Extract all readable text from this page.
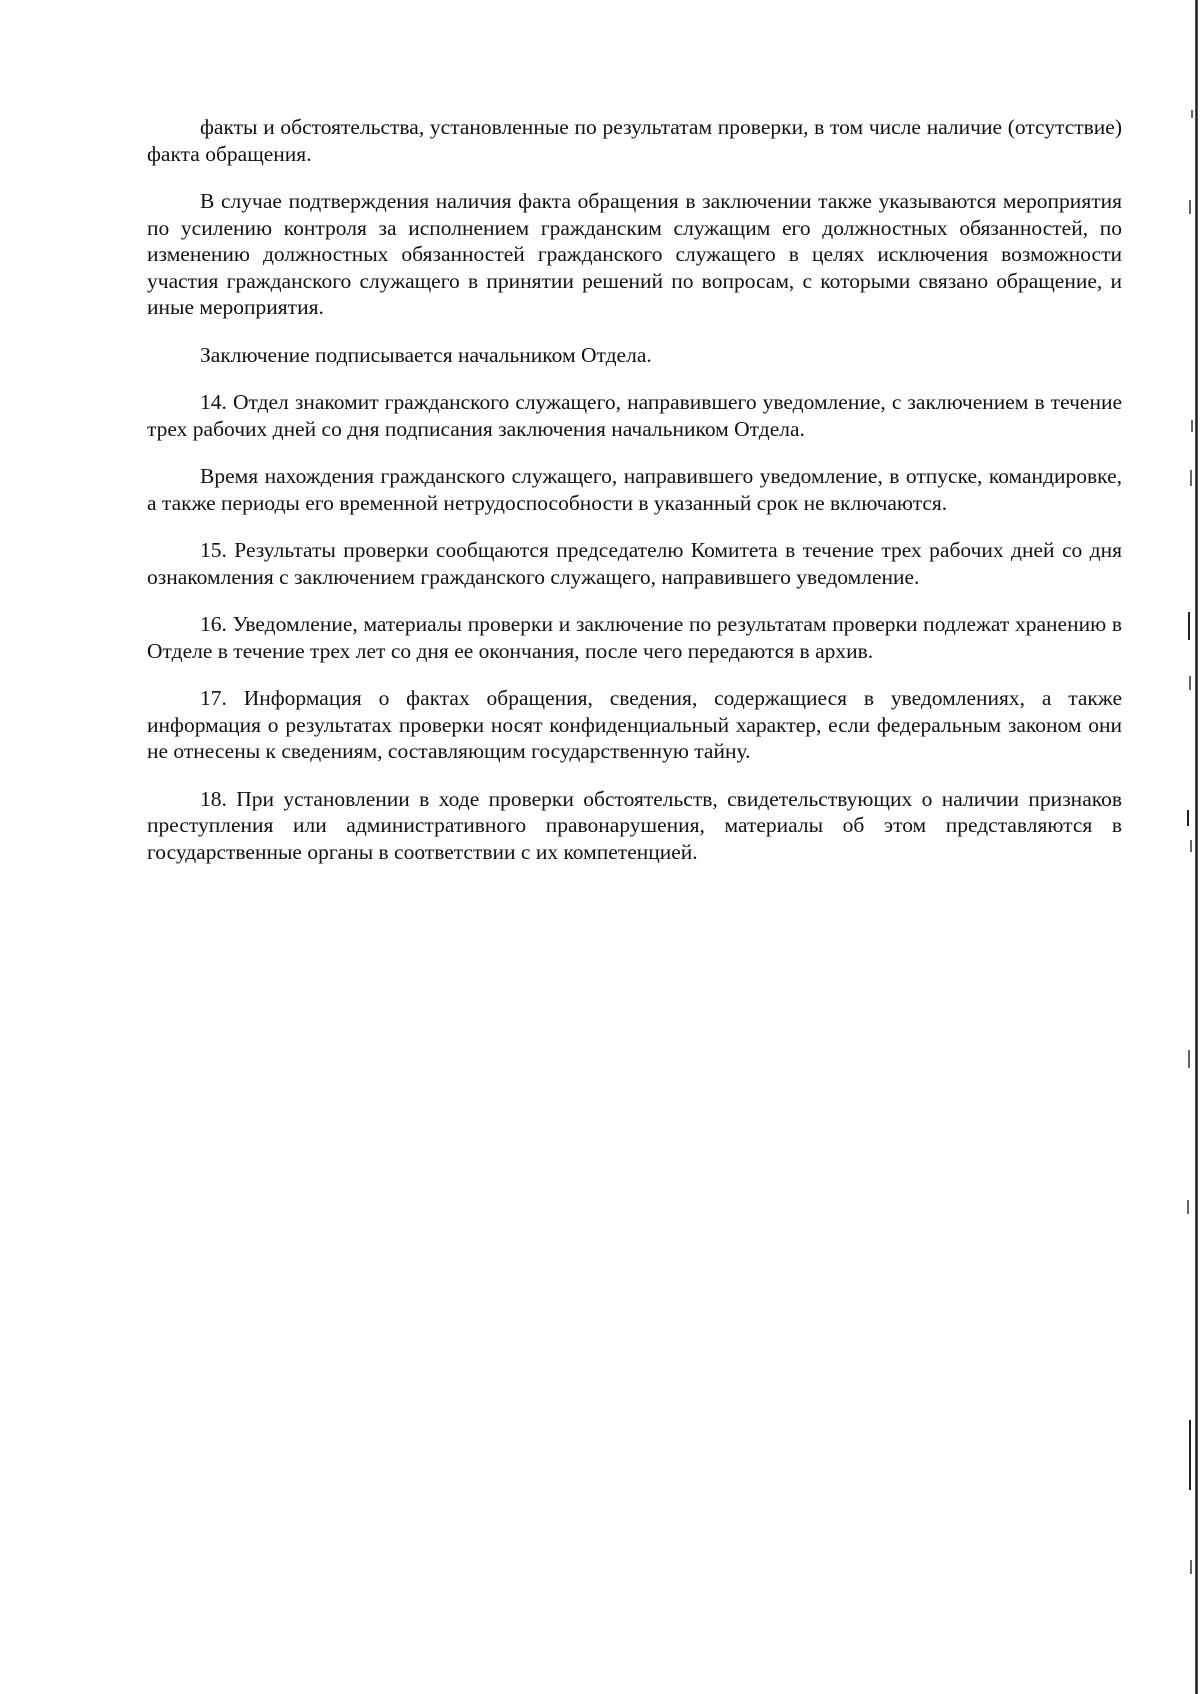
факты и обстоятельства, установленные по результатам проверки, в том числе наличие (отсутствие) факта обращения.

В случае подтверждения наличия факта обращения в заключении также указываются мероприятия по усилению контроля за исполнением гражданским служащим его должностных обязанностей, по изменению должностных обязанностей гражданского служащего в целях исключения возможности участия гражданского служащего в принятии решений по вопросам, с которыми связано обращение, и иные мероприятия.

Заключение подписывается начальником Отдела.

14. Отдел знакомит гражданского служащего, направившего уведомление, с заключением в течение трех рабочих дней со дня подписания заключения начальником Отдела.

Время нахождения гражданского служащего, направившего уведомление, в отпуске, командировке, а также периоды его временной нетрудоспособности в указанный срок не включаются.

15. Результаты проверки сообщаются председателю Комитета в течение трех рабочих дней со дня ознакомления с заключением гражданского служащего, направившего уведомление.

16. Уведомление, материалы проверки и заключение по результатам проверки подлежат хранению в Отделе в течение трех лет со дня ее окончания, после чего передаются в архив.

17. Информация о фактах обращения, сведения, содержащиеся в уведомлениях, а также информация о результатах проверки носят конфиденциальный характер, если федеральным законом они не отнесены к сведениям, составляющим государственную тайну.

18. При установлении в ходе проверки обстоятельств, свидетельствующих о наличии признаков преступления или административного правонарушения, материалы об этом представляются в государственные органы в соответствии с их компетенцией.
